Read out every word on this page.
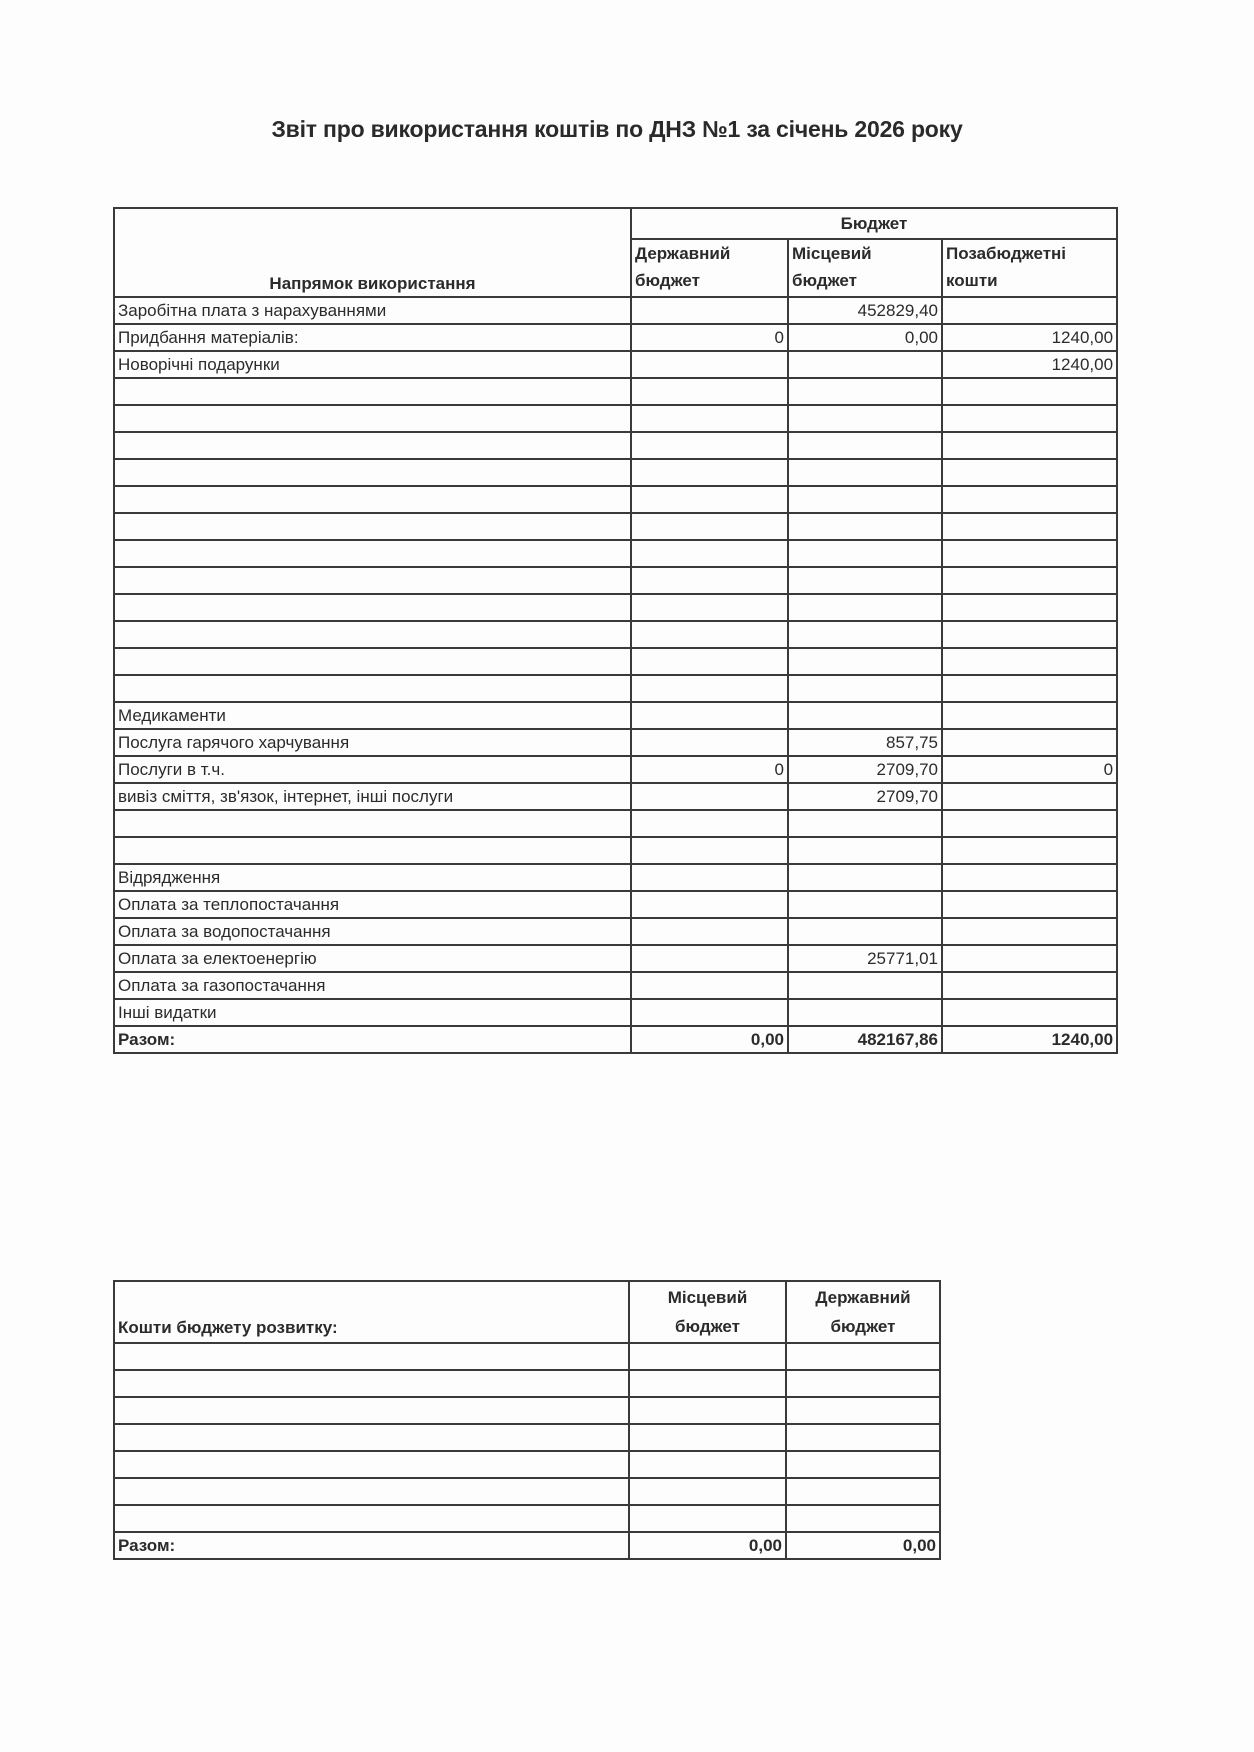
Звіт про використання коштів по ДНЗ №1 за січень 2026 року
Напрямок використання	Бюджет		
	Державний бюджет	Місцевий бюджет	Позабюджетні кошти
Заробітна плата з нарахуваннями		452829,40	
Придбання матеріалів:	0	0,00	1240,00
Новорічні подарунки			1240,00

Медикаменти			
Послуга гарячого харчування		857,75	
Послуги в т.ч.	0	2709,70	0
вивіз сміття, зв'язок, інтернет, інші послуги		2709,70	

Відрядження			
Оплата за теплопостачання			
Оплата за водопостачання			
Оплата за електоенергію		25771,01	
Оплата за газопостачання			
Інші видатки			
Разом:	0,00	482167,86	1240,00
Кошти бюджету розвитку:	Місцевий бюджет	Державний бюджет

Разом:	0,00	0,00
